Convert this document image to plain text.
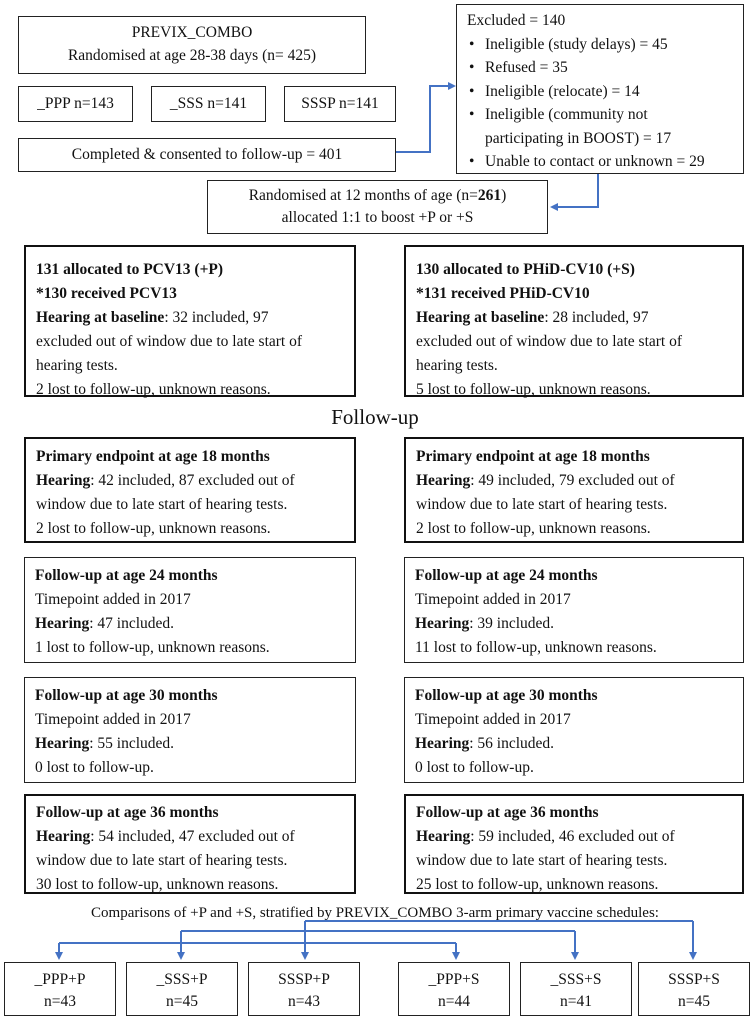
PREVIX_COMBO
Randomised at age 28-38 days (n= 425)
_PPP n=143	_SSS n=141	SSSP n=141
Completed & consented to follow-up = 401
Excluded = 140
• Ineligible (study delays) = 45
• Refused = 35
• Ineligible (relocate) = 14
• Ineligible (community not
participating in BOOST) = 17
• Unable to contact or unknown = 29
Randomised at 12 months of age (n=261)
allocated 1:1 to boost +P or +S
131 allocated to PCV13 (+P)
*130 received PCV13
Hearing at baseline: 32 included, 97
excluded out of window due to late start of
hearing tests.
2 lost to follow-up, unknown reasons.
130 allocated to PHiD-CV10 (+S)
*131 received PHiD-CV10
Hearing at baseline: 28 included, 97
excluded out of window due to late start of
hearing tests.
5 lost to follow-up, unknown reasons.
Follow-up
Primary endpoint at age 18 months
Hearing: 42 included, 87 excluded out of
window due to late start of hearing tests.
2 lost to follow-up, unknown reasons.
Primary endpoint at age 18 months
Hearing: 49 included, 79 excluded out of
window due to late start of hearing tests.
2 lost to follow-up, unknown reasons.
Follow-up at age 24 months
Timepoint added in 2017
Hearing: 47 included.
1 lost to follow-up, unknown reasons.
Follow-up at age 24 months
Timepoint added in 2017
Hearing: 39 included.
11 lost to follow-up, unknown reasons.
Follow-up at age 30 months
Timepoint added in 2017
Hearing: 55 included.
0 lost to follow-up.
Follow-up at age 30 months
Timepoint added in 2017
Hearing: 56 included.
0 lost to follow-up.
Follow-up at age 36 months
Hearing: 54 included, 47 excluded out of
window due to late start of hearing tests.
30 lost to follow-up, unknown reasons.
Follow-up at age 36 months
Hearing: 59 included, 46 excluded out of
window due to late start of hearing tests.
25 lost to follow-up, unknown reasons.
Comparisons of +P and +S, stratified by PREVIX_COMBO 3-arm primary vaccine schedules:
_PPP+P
n=43
_SSS+P
n=45
SSSP+P
n=43
_PPP+S
n=44
_SSS+S
n=41
SSSP+S
n=45
